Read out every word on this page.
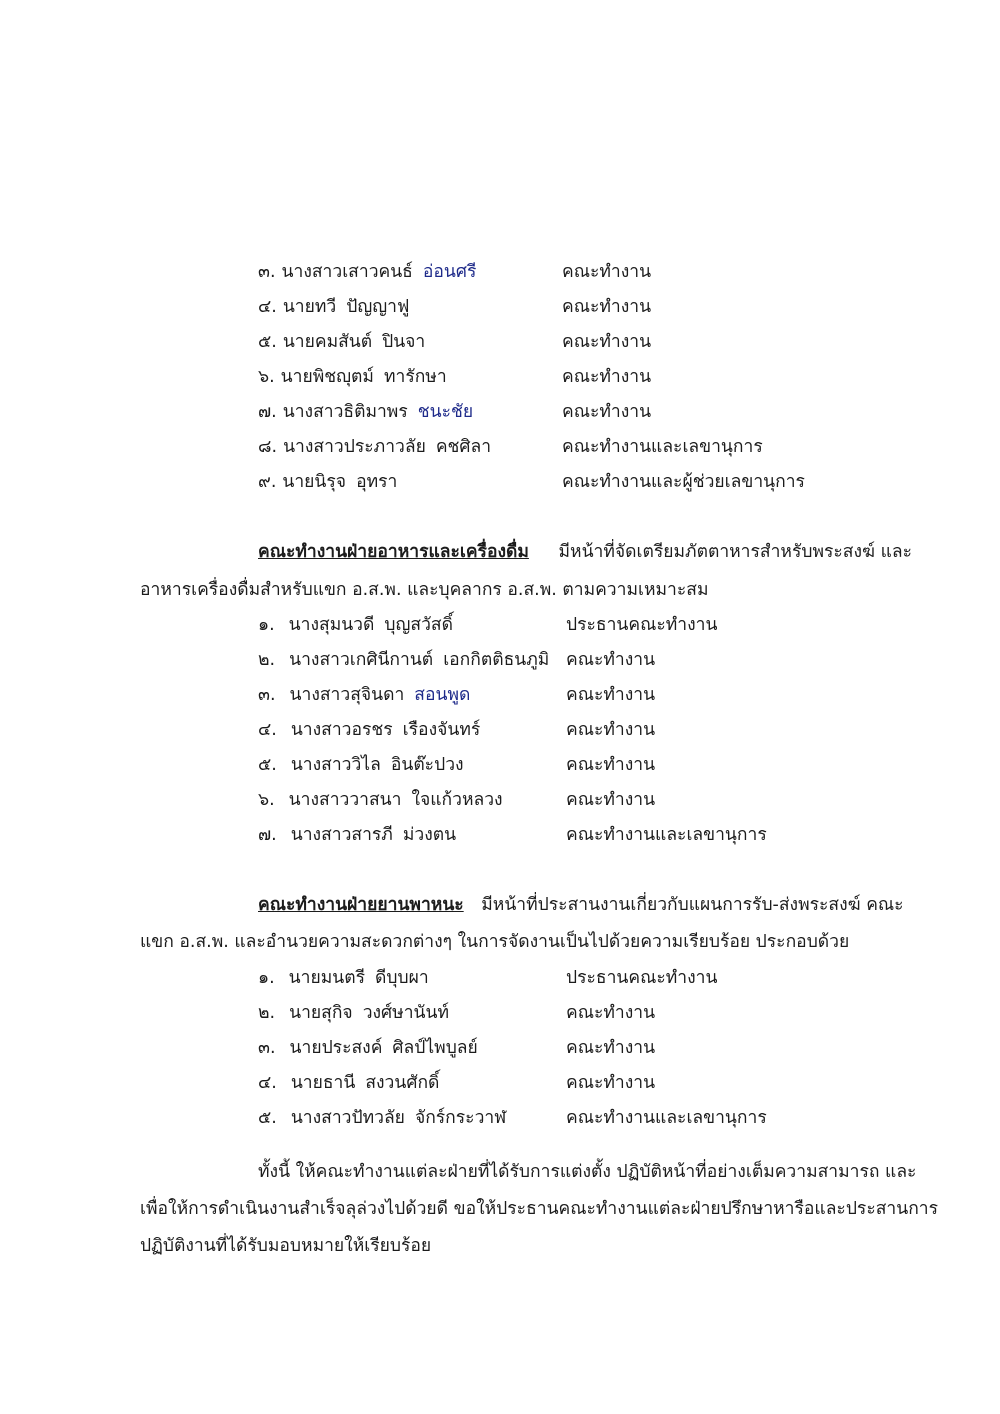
๓. นางสาวเสาวคนธ์ อ่อนศรี	คณะทำงาน
๔. นายทวี ปัญญาฟู	คณะทำงาน
๕. นายคมสันต์ ปินจา	คณะทำงาน
๖. นายพิชญุตม์ ทารักษา	คณะทำงาน
๗. นางสาวธิติมาพร ชนะชัย	คณะทำงาน
๘. นางสาวประภาวลัย คชศิลา	คณะทำงานและเลขานุการ
๙. นายนิรุจ อุทรา	คณะทำงานและผู้ช่วยเลขานุการ
คณะทำงานฝ่ายอาหารและเครื่องดื่ม มีหน้าที่จัดเตรียมภัตตาหารสำหรับพระสงฆ์ และ
อาหารเครื่องดื่มสำหรับแขก อ.ส.พ. และบุคลากร อ.ส.พ. ตามความเหมาะสม
๑. นางสุมนวดี บุญสวัสดิ์	ประธานคณะทำงาน
๒. นางสาวเกศินีกานต์ เอกกิตติธนภูมิ คณะทำงาน
๓. นางสาวสุจินดา สอนพูด	คณะทำงาน
๔. นางสาวอรชร เรืองจันทร์	คณะทำงาน
๕. นางสาววิไล อินต๊ะปวง	คณะทำงาน
๖. นางสาววาสนา ใจแก้วหลวง	คณะทำงาน
๗. นางสาวสารภี ม่วงตน	คณะทำงานและเลขานุการ
คณะทำงานฝ่ายยานพาหนะ มีหน้าที่ประสานงานเกี่ยวกับแผนการรับ-ส่งพระสงฆ์ คณะ
แขก อ.ส.พ. และอำนวยความสะดวกต่างๆ ในการจัดงานเป็นไปด้วยความเรียบร้อย ประกอบด้วย
๑. นายมนตรี ดีบุบผา	ประธานคณะทำงาน
๒. นายสุกิจ วงศ์ษานันท์	คณะทำงาน
๓. นายประสงค์ ศิลป์ไพบูลย์	คณะทำงาน
๔. นายธานี สงวนศักดิ์	คณะทำงาน
๕. นางสาวปัทวลัย จักร์กระวาฬ	คณะทำงานและเลขานุการ
ทั้งนี้ ให้คณะทำงานแต่ละฝ่ายที่ได้รับการแต่งตั้ง ปฏิบัติหน้าที่อย่างเต็มความสามารถ และ
เพื่อให้การดำเนินงานสำเร็จลุล่วงไปด้วยดี ขอให้ประธานคณะทำงานแต่ละฝ่ายปรึกษาหารือและประสานการ
ปฏิบัติงานที่ได้รับมอบหมายให้เรียบร้อย
